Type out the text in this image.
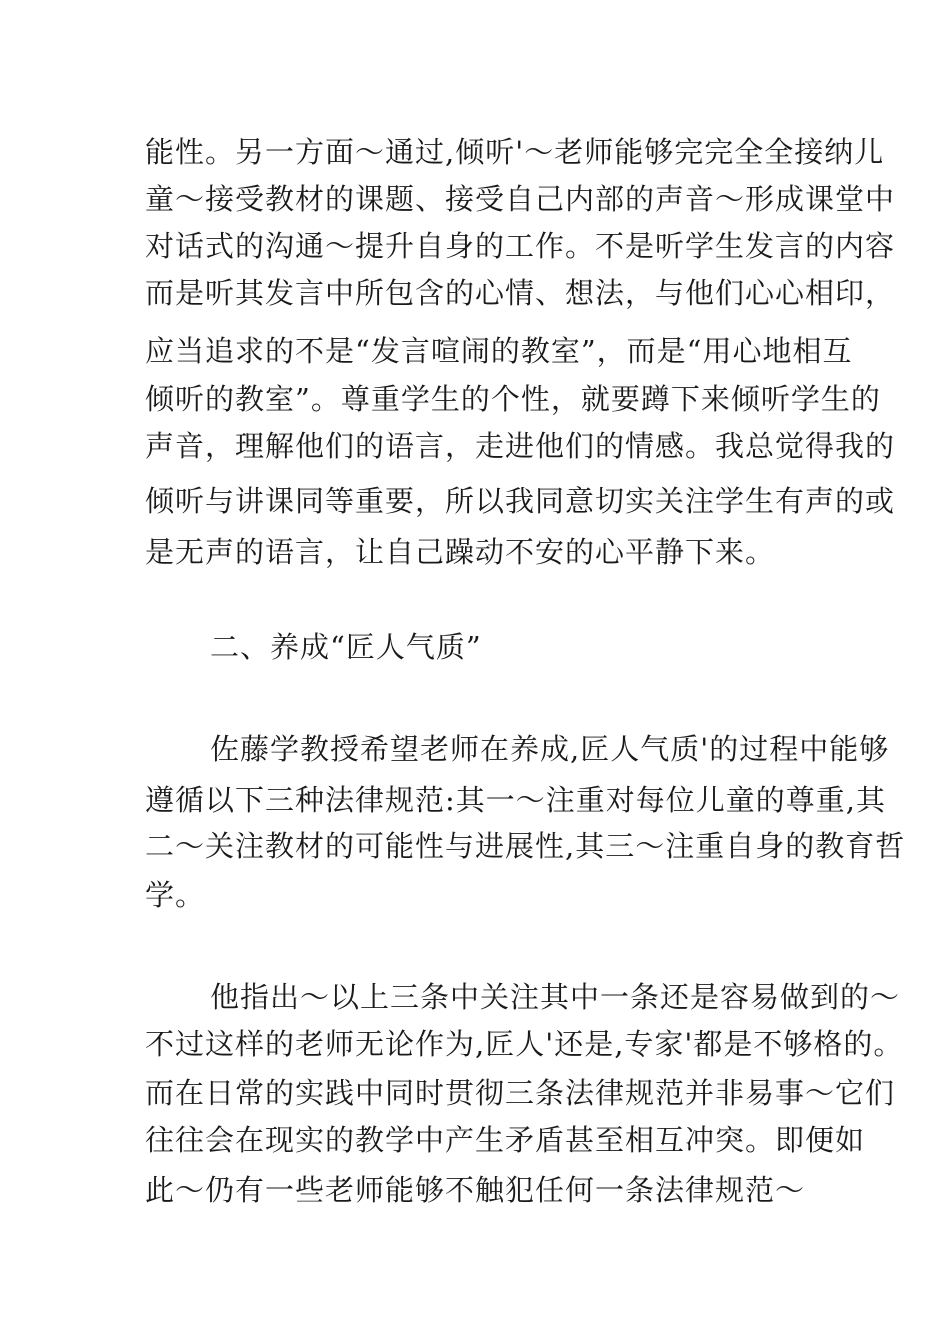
能性。另一方面～通过,倾听'～老师能够完完全全接纳儿
童～接受教材的课题、接受自己内部的声音～形成课堂中
对话式的沟通～提升自身的工作。不是听学生发言的内容
而是听其发言中所包含的心情、想法，与他们心心相印，
应当追求的不是“发言喧闹的教室”，而是“用心地相互
倾听的教室”。尊重学生的个性，就要蹲下来倾听学生的
声音，理解他们的语言，走进他们的情感。我总觉得我的
倾听与讲课同等重要，所以我同意切实关注学生有声的或
是无声的语言，让自己躁动不安的心平静下来。
二、养成“匠人气质”
佐藤学教授希望老师在养成,匠人气质'的过程中能够
遵循以下三种法律规范:其一～注重对每位儿童的尊重,其
二～关注教材的可能性与进展性,其三～注重自身的教育哲
学。
他指出～以上三条中关注其中一条还是容易做到的～
不过这样的老师无论作为,匠人'还是,专家'都是不够格的。
而在日常的实践中同时贯彻三条法律规范并非易事～它们
往往会在现实的教学中产生矛盾甚至相互冲突。即便如
此～仍有一些老师能够不触犯任何一条法律规范～
